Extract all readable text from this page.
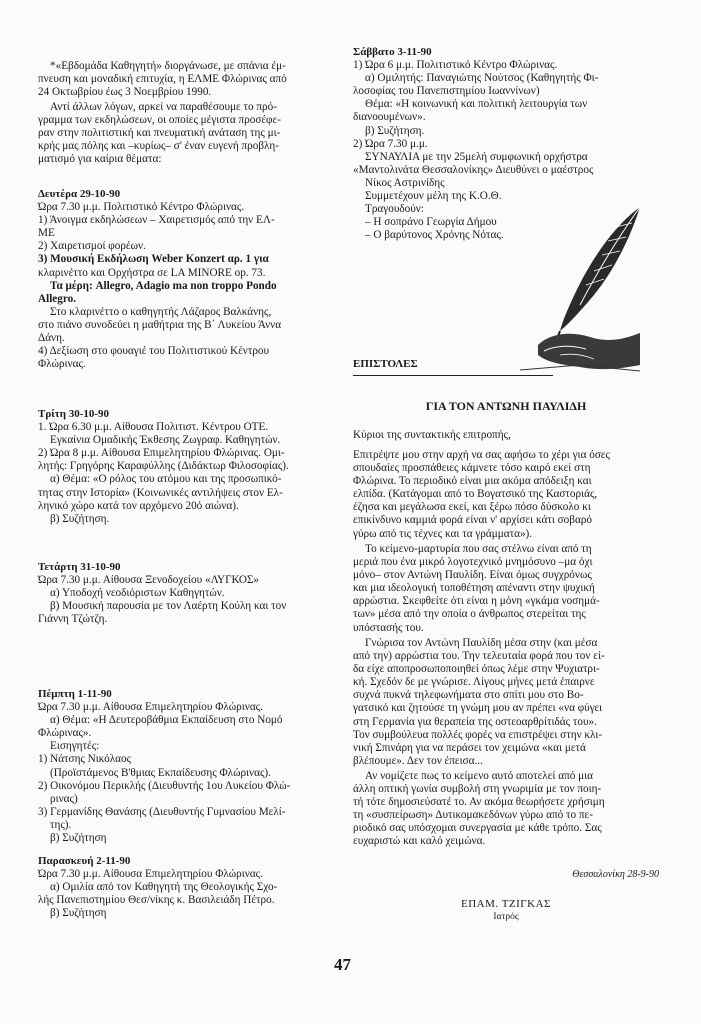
*«Εβδομάδα Καθηγητή» διοργάνωσε, με σπάνια έμ-

πνευση και μοναδική επιτυχία, η ΕΛΜΕ Φλώρινας από

24 Οκτωβρίου έως 3 Νοεμβρίου 1990.

Αντί άλλων λόγων, αρκεί να παραθέσουμε το πρό-

γραμμα των εκδηλώσεων, οι οποίες μέγιστα προσέφε-

ραν στην πολιτιστική και πνευματική ανάταση της μι-

κρής μας πόλης και –κυρίως– σ' έναν ευγενή προβλη-

ματισμό για καίρια θέματα:

Δευτέρα 29-10-90

Ώρα 7.30 μ.μ. Πολιτιστικό Κέντρο Φλώρινας.

1) Άνοιγμα εκδηλώσεων – Χαιρετισμός από την ΕΛ-

ΜΕ

2) Χαιρετισμοί φορέων.

3) Μουσική Εκδήλωση Weber Konzert αρ. 1 για

κλαρινέττο και Ορχήστρα σε LA MINORE op. 73.

Τα μέρη: Allegro, Adagio ma non troppo Pondo

Allegro.

Στο κλαρινέττο ο καθηγητής Λάζαρος Βαλκάνης,

στο πιάνο συνοδεύει η μαθήτρια της Β΄ Λυκείου Άννα

Δάνη.

4) Δεξίωση στο φουαγιέ του Πολιτιστικού Κέντρου

Φλώρινας.

Τρίτη 30-10-90

1. Ώρα 6.30 μ.μ. Αίθουσα Πολιτιστ. Κέντρου ΟΤΕ.

Εγκαίνια Ομαδικής Έκθεσης Ζωγραφ. Καθηγητών.

2) Ώρα 8 μ.μ. Αίθουσα Επιμελητηρίου Φλώρινας. Ομι-

λητής: Γρηγόρης Καραφύλλης (Διδάκτωρ Φιλοσοφίας).

α) Θέμα: «Ο ρόλος του ατόμου και της προσωπικό-

τητας στην Ιστορία» (Κοινωνικές αντιλήψεις στον Ελ-

ληνικό χώρο κατά τον αρχόμενο 20ό αιώνα).

β) Συζήτηση.

Τετάρτη 31-10-90

Ώρα 7.30 μ.μ. Αίθουσα Ξενοδοχείου «ΛΥΓΚΟΣ»

α) Υποδοχή νεοδιόριστων Καθηγητών.

β) Μουσική παρουσία με τον Λαέρτη Κούλη και τον

Γιάννη Τζώτζη.

Πέμπτη 1-11-90

Ώρα 7.30 μ.μ. Αίθουσα Επιμελητηρίου Φλώρινας.

α) Θέμα: «Η Δευτεροβάθμια Εκπαίδευση στο Νομό

Φλώρινας».

Εισηγητές:

1) Νάτσης Νικόλαος

(Προϊστάμενος Β'θμιας Εκπαίδευσης Φλώρινας).

2) Οικονόμου Περικλής (Διευθυντής 1ου Λυκείου Φλώ-

ρινας)

3) Γερμανίδης Θανάσης (Διευθυντής Γυμνασίου Μελί-

της).

β) Συζήτηση

Παρασκευή 2-11-90

Ώρα 7.30 μ.μ. Αίθουσα Επιμελητηρίου Φλώρινας.

α) Ομιλία από τον Καθηγητή της Θεολογικής Σχο-

λής Πανεπιστημίου Θεσ/νίκης κ. Βασιλειάδη Πέτρο.

β) Συζήτηση

Σάββατο 3-11-90

1) Ώρα 6 μ.μ. Πολιτιστικό Κέντρο Φλώρινας.

α) Ομιλητής: Παναγιώτης Νούτσος (Καθηγητής Φι-

λοσοφίας του Πανεπιστημίου Ιωαννίνων)

Θέμα: «Η κοινωνική και πολιτική λειτουργία των

διανοουμένων».

β) Συζήτηση.

2) Ώρα 7.30 μ.μ.

ΣΥΝΑΥΛΙΑ με την 25μελή συμφωνική ορχήστρα

«Μαντολινάτα Θεσσαλονίκης» Διευθύνει ο μαέστρος

Νίκος Αστρινίδης

Συμμετέχουν μέλη της Κ.Ο.Θ.

Τραγουδούν:

– Η σοπράνο Γεωργία Δήμου

– Ο βαρύτονος Χρόνης Νότας.

ΕΠΙΣΤΟΛΕΣ

ΓΙΑ ΤΟΝ ΑΝΤΩΝΗ ΠΑΥΛΙΔΗ

Κύριοι της συντακτικής επιτροπής,

Επιτρέψτε μου στην αρχή να σας αφήσω το χέρι για όσες

σπουδαίες προσπάθειες κάμνετε τόσο καιρό εκεί στη

Φλώρινα. Το περιοδικό είναι μια ακόμα απόδειξη και

ελπίδα. (Κατάγομαι από το Βογατσικό της Καστοριάς,

έζησα και μεγάλωσα εκεί, και ξέρω πόσο δύσκολο κι

επικίνδυνο καμμιά φορά είναι ν' αρχίσει κάτι σοβαρό

γύρω από τις τέχνες και τα γράμματα»).

Το κείμενο-μαρτυρία που σας στέλνω είναι από τη

μεριά που ένα μικρό λογοτεχνικό μνημόσυνο –μα όχι

μόνο– στον Αντώνη Παυλίδη. Είναι όμως συγχρόνως

και μια ιδεολογική τοποθέτηση απέναντι στην ψυχική

αρρώστια. Σκεφθείτε ότι είναι η μόνη «γκάμα νοσημά-

των» μέσα από την οποία ο άνθρωπος στερείται της

υπόστασής του.

Γνώρισα τον Αντώνη Παυλίδη μέσα στην (και μέσα

από την) αρρώστια του. Την τελευταία φορά που τον εί-

δα είχε αποπροσωποποιηθεί όπως λέμε στην Ψυχιατρι-

κή. Σχεδόν δε με γνώρισε. Λίγους μήνες μετά έπαιρνε

συχνά πυκνά τηλεφωνήματα στο σπίτι μου στο Βο-

γατσικό και ζητούσε τη γνώμη μου αν πρέπει «να φύγει

στη Γερμανία για θεραπεία της οστεοαρθρίτιδάς του».

Τον συμβούλευα πολλές φορές να επιστρέψει στην κλι-

νική Σπινάρη για να περάσει τον χειμώνα «και μετά

βλέπουμε». Δεν τον έπεισα...

Αν νομίζετε πως το κείμενο αυτό αποτελεί από μια

άλλη οπτική γωνία συμβολή στη γνωριμία με τον ποιη-

τή τότε δημοσιεύσατέ το. Αν ακόμα θεωρήσετε χρήσιμη

τη «συσπείρωση» Δυτικομακεδόνων γύρω από το πε-

ριοδικό σας υπόσχομαι συνεργασία με κάθε τρόπο. Σας

ευχαριστώ και καλό χειμώνα.

Θεσσαλονίκη 28-9-90

ΕΠΑΜ. ΤΖΙΓΚΑΣ

Ιατρός

47
